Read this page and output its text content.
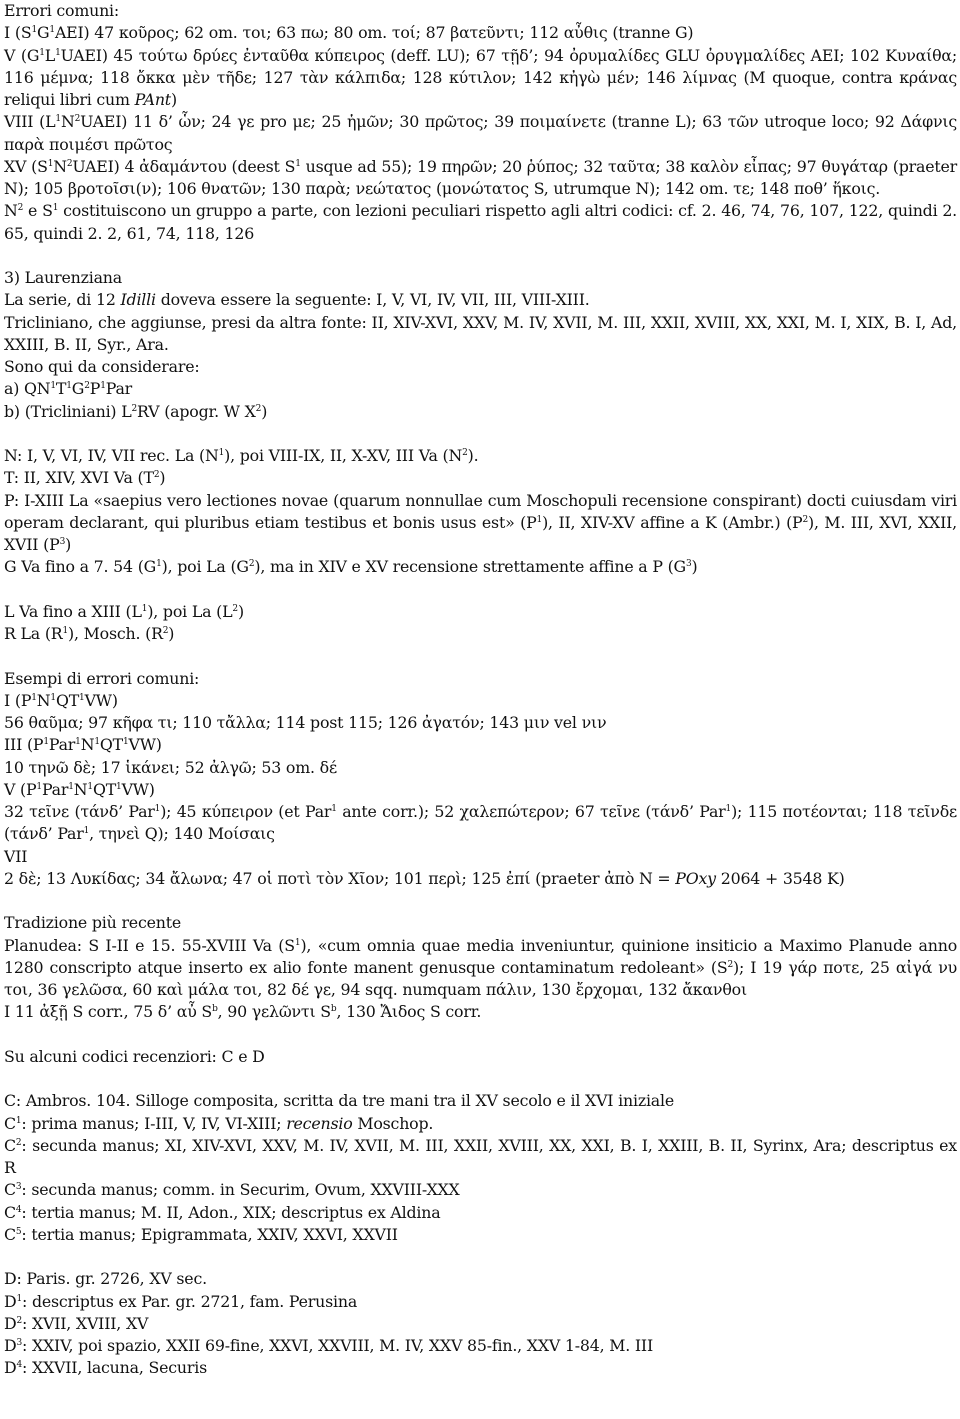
Errori comuni:

I $(S^1G^1AEI)$ 47 κοῦρος; 62 om. τοι; 63 πω; 80 om. τοί; 87 βατεῦντι; 112 αὖθις (tranne G)

V $(G^1L^1UAEI)$ 45 τούτω δρύες ἐνταῦθα κύπειρος (deff. LU); 67 τῇδ’; 94 ὀρυμαλίδες GLU ὀρυγμαλίδες AEI; 102 Κυναίθα; 116 μέμνα; 118 ὄκκα μὲν τῆδε; 127 τὰν κάλπιδα; 128 κύτιλον; 142 κἠγὼ μέν; 146 λίμνας (M quoque, contra κράνας reliqui libri cum PAnt)

VIII $(L^1N^2UAEI)$ 11 δ’ ὧν; 24 γε pro με; 25 ἡμῶν; 30 πρῶτος; 39 ποιμαίνετε (tranne L); 63 τῶν utroque loco; 92 Δάφνις παρὰ ποιμέσι πρῶτος

XV $(S^1N^2UAEI)$ 4 ἀδαμάντου (deest $S^1$ usque ad 55); 19 πηρῶν; 20 ῥύπος; 32 ταῦτα; 38 καλὸν εἶπας; 97 θυγάταρ (praeter N); 105 βροτοῖσι(ν); 106 θνατῶν; 130 παρὰ; νεώτατος (μονώτατος S, utrumque N); 142 om. τε; 148 ποθ’ ἥκοις.

$N^2$ e $S^1$ costituiscono un gruppo a parte, con lezioni peculiari rispetto agli altri codici: cf. 2. 46, 74, 76, 107, 122, quindi 2. 65, quindi 2. 2, 61, 74, 118, 126

3) Laurenziana

La serie, di 12 Idilli doveva essere la seguente: I, V, VI, IV, VII, III, VIII-XIII.

Tricliniano, che aggiunse, presi da altra fonte: II, XIV-XVI, XXV, M. IV, XVII, M. III, XXII, XVIII, XX, XXI, M. I, XIX, B. I, Ad, XXIII, B. II, Syr., Ara.

Sono qui da considerare:

a) $QN^1T^1G^2P^1Par$

b) (Tricliniani) $L^2RV$ (apogr. W $X^2$)

N: I, V, VI, IV, VII rec. La $(N^1)$, poi VIII-IX, II, X-XV, III Va $(N^2)$.

T: II, XIV, XVI Va $(T^2)$

P: I-XIII La «saepius vero lectiones novae (quarum nonnullae cum Moschopuli recensione conspirant) docti cuiusdam viri operam declarant, qui pluribus etiam testibus et bonis usus est» $(P^1)$, II, XIV-XV affine a K (Ambr.) $(P^2)$, M. III, XVI, XXII, XVII $(P^3)$

G Va fino a 7. 54 $(G^1)$, poi La $(G^2)$, ma in XIV e XV recensione strettamente affine a P $(G^3)$

L Va fino a XIII $(L^1)$, poi La $(L^2)$

R La $(R^1)$, Mosch. $(R^2)$

Esempi di errori comuni:

I $(P^1N^1QT^1VW)$

56 θαῦμα; 97 κῆφα τι; 110 τἄλλα; 114 post 115; 126 ἀγατόν; 143 μιν vel νιν

III $(P^1Par^1N^1QT^1VW)$

10 τηνῶ δὲ; 17 ἱκάνει; 52 ἀλγῶ; 53 om. δέ

V $(P^1Par^1N^1QT^1VW)$

32 τεῖνε (τάνδ’ Par$^1$); 45 κύπειρον (et Par$^1$ ante corr.); 52 χαλεπώτερον; 67 τεῖνε (τάνδ’ Par$^1$); 115 ποτέονται; 118 τεῖνδε (τάνδ’ Par$^1$, τηνεὶ Q); 140 Μοίσαις

VII

2 δὲ; 13 Λυκίδας; 34 ἄλωνα; 47 οἱ ποτὶ τὸν Χῖον; 101 περὶ; 125 ἐπί (praeter ἀπὸ N = POxy 2064 + 3548 K)

Tradizione più recente

Planudea: S I-II e 15. 55-XVIII Va $(S^1)$, «cum omnia quae media inveniuntur, quinione insiticio a Maximo Planude anno 1280 conscripto atque inserto ex alio fonte manent genusque contaminatum redoleant» $(S^2)$; I 19 γάρ ποτε, 25 αἰγά νυ τοι, 36 γελῶσα, 60 καὶ μάλα τοι, 82 δέ γε, 94 sqq. numquam πάλιν, 130 ἔρχομαι, 132 ἄκανθοι

I 11 ἀξῇ S corr., 75 δ’ αὖ $S^b$, 90 γελῶντι $S^b$, 130 Ἄιδος S corr.

Su alcuni codici recenziori: C e D

C: Ambros. 104. Silloge composita, scritta da tre mani tra il XV secolo e il XVI iniziale

$C^1$: prima manus; I-III, V, IV, VI-XIII; recensio Moschop.

$C^2$: secunda manus; XI, XIV-XVI, XXV, M. IV, XVII, M. III, XXII, XVIII, XX, XXI, B. I, XXIII, B. II, Syrinx, Ara; descriptus ex R

$C^3$: secunda manus; comm. in Securim, Ovum, XXVIII-XXX

$C^4$: tertia manus; M. II, Adon., XIX; descriptus ex Aldina

$C^5$: tertia manus; Epigrammata, XXIV, XXVI, XXVII

D: Paris. gr. 2726, XV sec.

$D^1$: descriptus ex Par. gr. 2721, fam. Perusina

$D^2$: XVII, XVIII, XV

$D^3$: XXIV, poi spazio, XXII 69-fine, XXVI, XXVIII, M. IV, XXV 85-fin., XXV 1-84, M. III

$D^4$: XXVII, lacuna, Securis
